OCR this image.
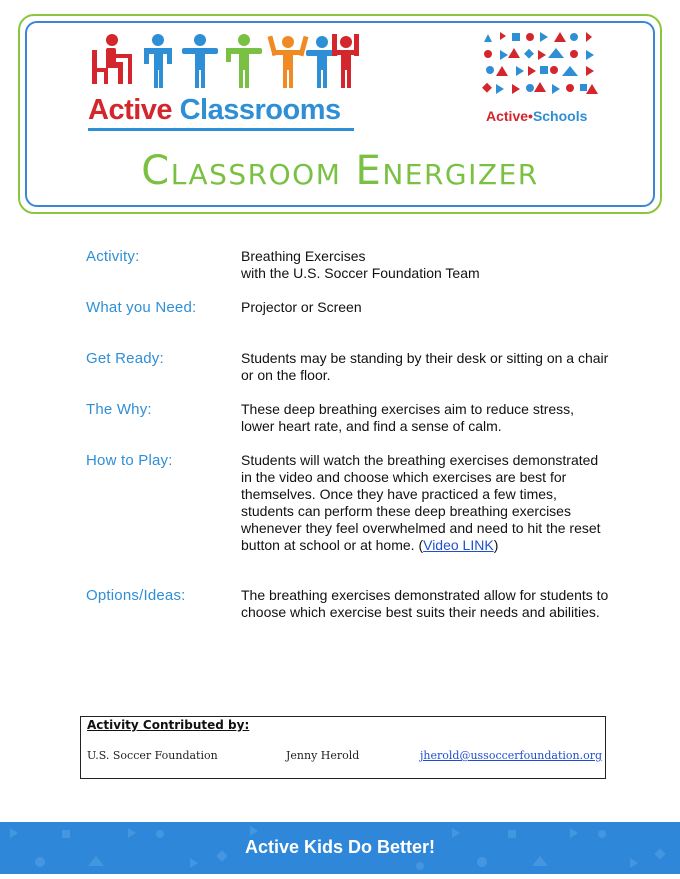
Active Classrooms	Active•Schools
Classroom Energizer
Activity:	Breathing Exercises
with the U.S. Soccer Foundation Team
What you Need:	Projector or Screen
Get Ready:	Students may be standing by their desk or sitting on a chair or on the floor.
The Why:	These deep breathing exercises aim to reduce stress, lower heart rate, and find a sense of calm.
How to Play:	Students will watch the breathing exercises demonstrated in the video and choose which exercises are best for themselves. Once they have practiced a few times, students can perform these deep breathing exercises whenever they feel overwhelmed and need to hit the reset button at school or at home. (Video LINK)
Options/Ideas:	The breathing exercises demonstrated allow for students to choose which exercise best suits their needs and abilities.
Activity Contributed by:
U.S. Soccer Foundation	Jenny Herold	jherold@ussoccerfoundation.org
Active Kids Do Better!
